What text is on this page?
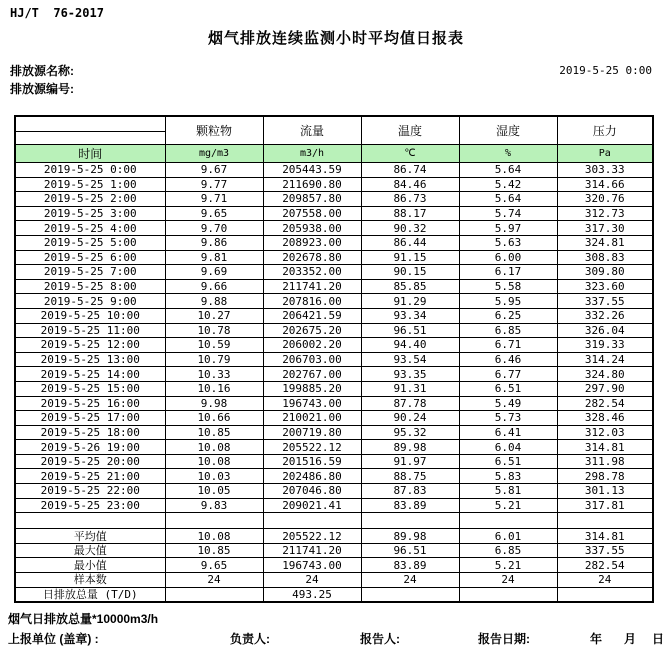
HJ/T  76-2017
烟气排放连续监测小时平均值日报表
排放源名称:
排放源编号:
2019-5-25 0:00
	颗粒物	流量	温度	湿度	压力
时间	mg/m3	m3/h	℃	%	Pa
2019-5-25 0:00	9.67	205443.59	86.74	5.64	303.33
2019-5-25 1:00	9.77	211690.80	84.46	5.42	314.66
2019-5-25 2:00	9.71	209857.80	86.73	5.64	320.76
2019-5-25 3:00	9.65	207558.00	88.17	5.74	312.73
2019-5-25 4:00	9.70	205938.00	90.32	5.97	317.30
2019-5-25 5:00	9.86	208923.00	86.44	5.63	324.81
2019-5-25 6:00	9.81	202678.80	91.15	6.00	308.83
2019-5-25 7:00	9.69	203352.00	90.15	6.17	309.80
2019-5-25 8:00	9.66	211741.20	85.85	5.58	323.60
2019-5-25 9:00	9.88	207816.00	91.29	5.95	337.55
2019-5-25 10:00	10.27	206421.59	93.34	6.25	332.26
2019-5-25 11:00	10.78	202675.20	96.51	6.85	326.04
2019-5-25 12:00	10.59	206002.20	94.40	6.71	319.33
2019-5-25 13:00	10.79	206703.00	93.54	6.46	314.24
2019-5-25 14:00	10.33	202767.00	93.35	6.77	324.80
2019-5-25 15:00	10.16	199885.20	91.31	6.51	297.90
2019-5-25 16:00	9.98	196743.00	87.78	5.49	282.54
2019-5-25 17:00	10.66	210021.00	90.24	5.73	328.46
2019-5-25 18:00	10.85	200719.80	95.32	6.41	312.03
2019-5-26 19:00	10.08	205522.12	89.98	6.04	314.81
2019-5-25 20:00	10.08	201516.59	91.97	6.51	311.98
2019-5-25 21:00	10.03	202486.80	88.75	5.83	298.78
2019-5-25 22:00	10.05	207046.80	87.83	5.81	301.13
2019-5-25 23:00	9.83	209021.41	83.89	5.21	317.81

平均值	10.08	205522.12	89.98	6.01	314.81
最大值	10.85	211741.20	96.51	6.85	337.55
最小值	9.65	196743.00	83.89	5.21	282.54
样本数	24	24	24	24	24
日排放总量 (T/D)		493.25			
烟气日排放总量*10000m3/h
上报单位 (盖章) :	负责人:	报告人:	报告日期:	年 月 日
